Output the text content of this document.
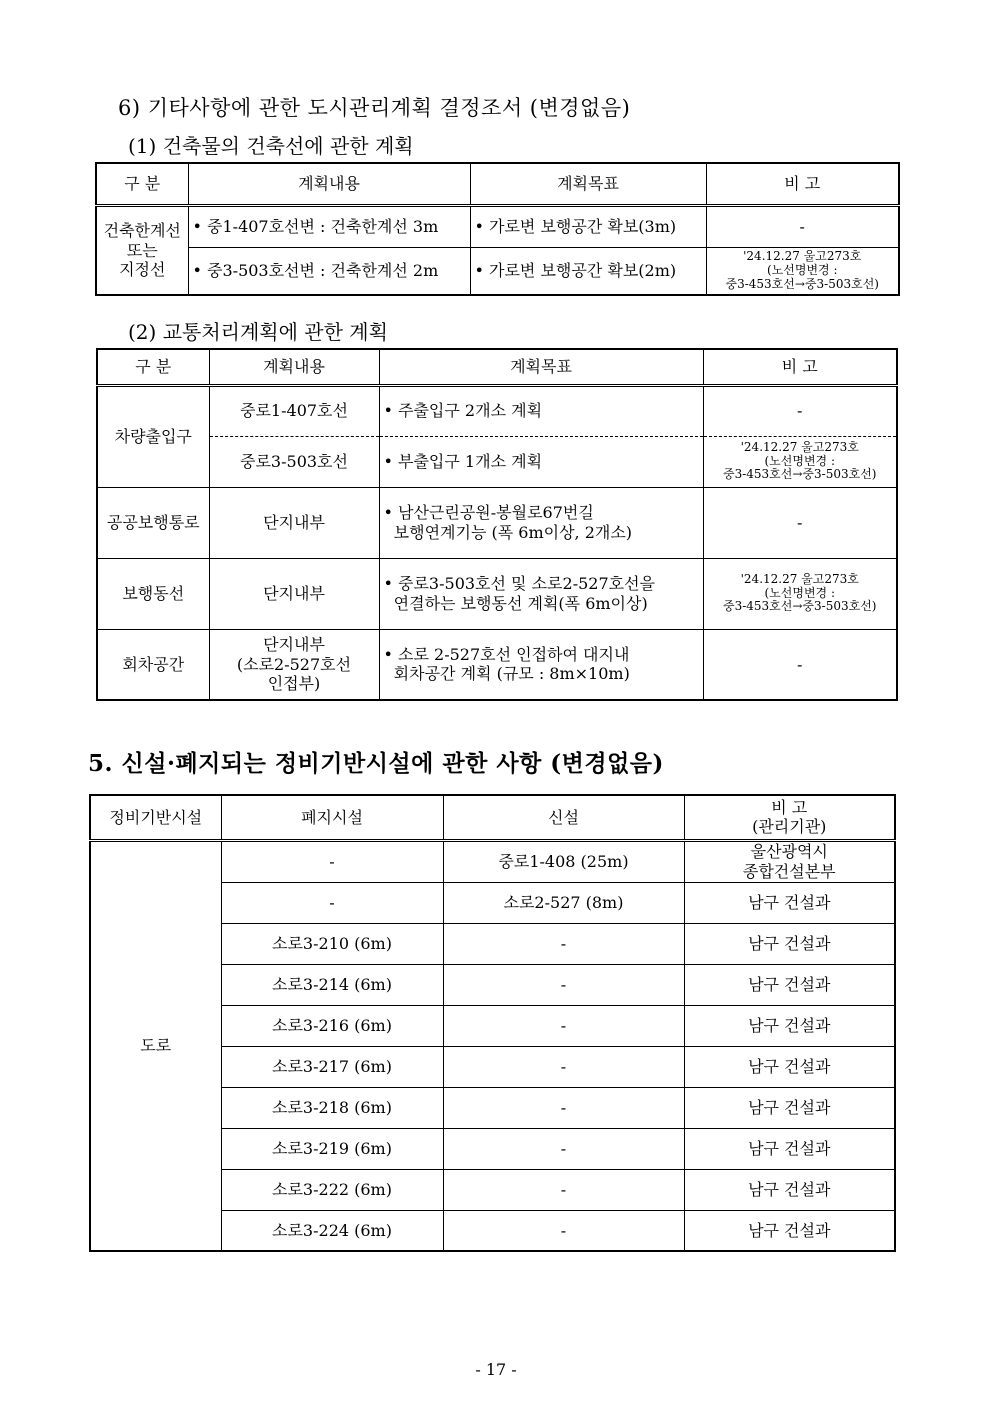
6) 기타사항에 관한 도시관리계획 결정조서 (변경없음)
(1) 건축물의 건축선에 관한 계획
구 분	계획내용	계획목표	비 고
건축한계선
또는
지정선	• 중1-407호선변 : 건축한계선 3m	• 가로변 보행공간 확보(3m)	-
	• 중3-503호선변 : 건축한계선 2m	• 가로변 보행공간 확보(2m)	'24.12.27 울고273호
(노선명변경 :
중3-453호선→중3-503호선)
(2) 교통처리계획에 관한 계획
구 분	계획내용	계획목표	비 고
차량출입구	중로1-407호선	• 주출입구 2개소 계획	-
	중로3-503호선	• 부출입구 1개소 계획	'24.12.27 울고273호
(노선명변경 :
중3-453호선→중3-503호선)
공공보행통로	단지내부	• 남산근린공원-봉월로67번길
보행연계기능 (폭 6m이상, 2개소)	-
보행동선	단지내부	• 중로3-503호선 및 소로2-527호선을
연결하는 보행동선 계획(폭 6m이상)	'24.12.27 울고273호
(노선명변경 :
중3-453호선→중3-503호선)
회차공간	단지내부
(소로2-527호선
인접부)	• 소로 2-527호선 인접하여 대지내
회차공간 계획 (규모 : 8m×10m)	-
5. 신설·폐지되는 정비기반시설에 관한 사항 (변경없음)
정비기반시설	폐지시설	신설	비 고
(관리기관)
도로	-	중로1-408 (25m)	울산광역시
종합건설본부
	-	소로2-527 (8m)	남구 건설과
	소로3-210 (6m)	-	남구 건설과
	소로3-214 (6m)	-	남구 건설과
	소로3-216 (6m)	-	남구 건설과
	소로3-217 (6m)	-	남구 건설과
	소로3-218 (6m)	-	남구 건설과
	소로3-219 (6m)	-	남구 건설과
	소로3-222 (6m)	-	남구 건설과
	소로3-224 (6m)	-	남구 건설과
- 17 -
